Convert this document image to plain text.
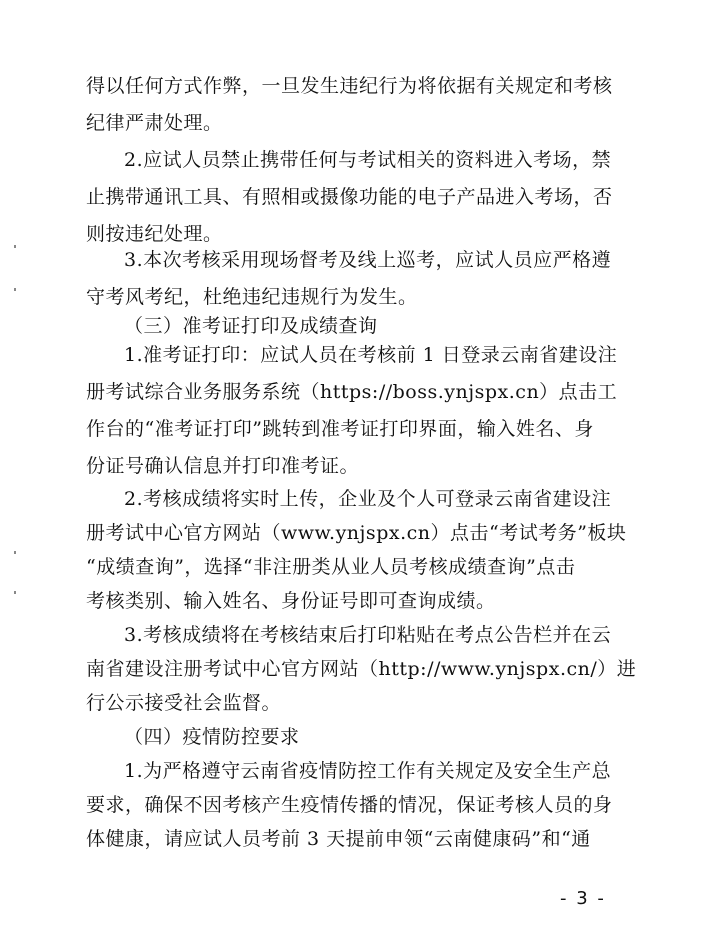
得以任何方式作弊，一旦发生违纪行为将依据有关规定和考核
纪律严肃处理。
2.应试人员禁止携带任何与考试相关的资料进入考场，禁
止携带通讯工具、有照相或摄像功能的电子产品进入考场，否
则按违纪处理。
3.本次考核采用现场督考及线上巡考，应试人员应严格遵
守考风考纪，杜绝违纪违规行为发生。
（三）准考证打印及成绩查询
1.准考证打印：应试人员在考核前 1 日登录云南省建设注
册考试综合业务服务系统（https://boss.ynjspx.cn）点击工
作台的“准考证打印”跳转到准考证打印界面，输入姓名、身
份证号确认信息并打印准考证。
2.考核成绩将实时上传，企业及个人可登录云南省建设注
册考试中心官方网站（www.ynjspx.cn）点击“考试考务”板块
“成绩查询”，选择“非注册类从业人员考核成绩查询”点击
考核类别、输入姓名、身份证号即可查询成绩。
3.考核成绩将在考核结束后打印粘贴在考点公告栏并在云
南省建设注册考试中心官方网站（http://www.ynjspx.cn/）进
行公示接受社会监督。
（四）疫情防控要求
1.为严格遵守云南省疫情防控工作有关规定及安全生产总
要求，确保不因考核产生疫情传播的情况，保证考核人员的身
体健康，请应试人员考前 3 天提前申领“云南健康码”和“通
- 3 -
